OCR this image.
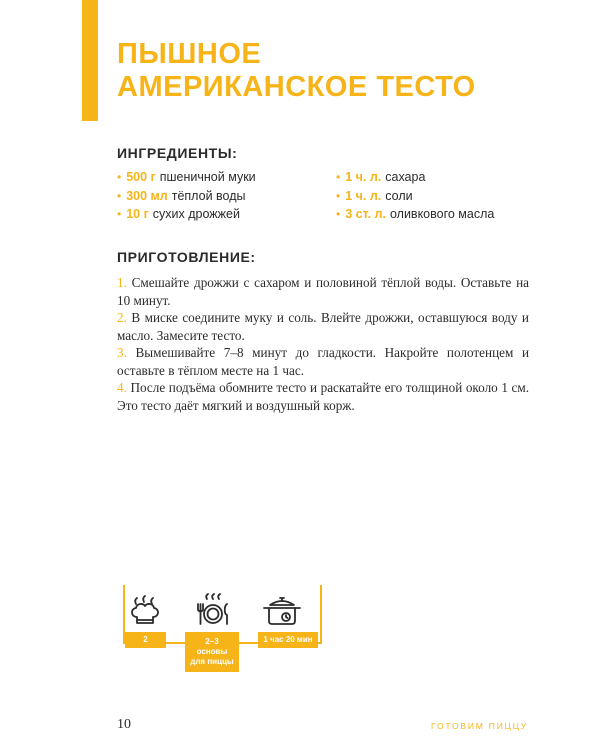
ПЫШНОЕ
АМЕРИКАНСКОЕ ТЕСТО
ИНГРЕДИЕНТЫ:
• 500 г пшеничной муки
• 300 мл тёплой воды
• 10 г сухих дрожжей
• 1 ч. л. сахара
• 1 ч. л. соли
• 3 ст. л. оливкового масла
ПРИГОТОВЛЕНИЕ:

1. Смешайте дрожжи с сахаром и половиной тёплой воды. Оставьте на 10 минут.

2. В миске соедините муку и соль. Влейте дрожжи, оставшуюся воду и масло. Замесите тесто.

3. Вымешивайте 7–8 минут до гладкости. Накройте полотенцем и оставьте в тёплом месте на 1 час.

4. После подъёма обомните тесто и раскатайте его толщиной около 1 см. Это тесто даёт мягкий и воздушный корж.

2	2–3
основы
для пиццы
1 час 20 мин
10	ГОТОВИМ ПИЦЦУ
